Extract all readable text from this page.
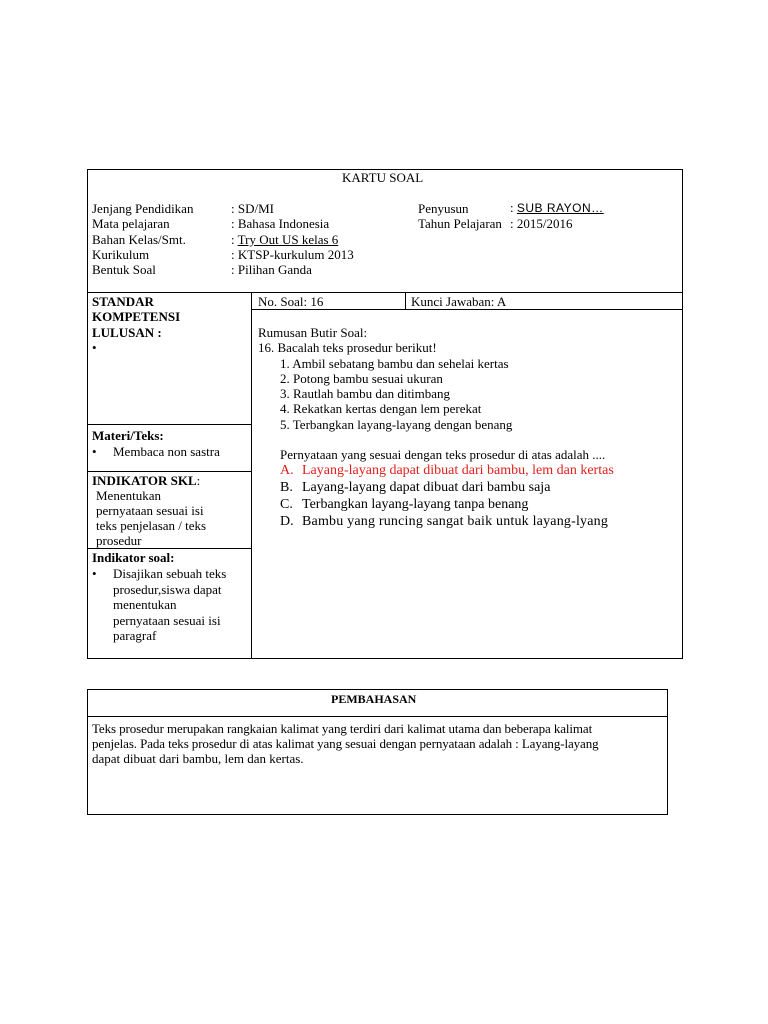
KARTU SOAL
Jenjang Pendidikan	: SD/MI
Mata pelajaran	: Bahasa Indonesia
Bahan Kelas/Smt.	: Try Out US kelas 6
Kurikulum	: KTSP-kurkulum 2013
Bentuk Soal	: Pilihan Ganda
Penyusun	: SUB RAYON…
Tahun Pelajaran : 2015/2016
STANDAR
KOMPETENSI
LULUSAN :
•
Materi/Teks:
• Membaca non sastra
INDIKATOR SKL:
Menentukan
pernyataan sesuai isi
teks penjelasan / teks
prosedur
Indikator soal:
• Disajikan sebuah teks
prosedur,siswa dapat
menentukan
pernyataan sesuai isi
paragraf
No. Soal: 16	Kunci Jawaban: A
Rumusan Butir Soal:
16. Bacalah teks prosedur berikut!
1. Ambil sebatang bambu dan sehelai kertas
2. Potong bambu sesuai ukuran
3. Rautlah bambu dan ditimbang
4. Rekatkan kertas dengan lem perekat
5. Terbangkan layang-layang dengan benang
Pernyataan yang sesuai dengan teks prosedur di atas adalah ....
A. Layang-layang dapat dibuat dari bambu, lem dan kertas
B. Layang-layang dapat dibuat dari bambu saja
C. Terbangkan layang-layang tanpa benang
D. Bambu yang runcing sangat baik untuk layang-lyang
PEMBAHASAN
Teks prosedur merupakan rangkaian kalimat yang terdiri dari kalimat utama dan beberapa kalimat
penjelas. Pada teks prosedur di atas kalimat yang sesuai dengan pernyataan adalah : Layang-layang
dapat dibuat dari bambu, lem dan kertas.
